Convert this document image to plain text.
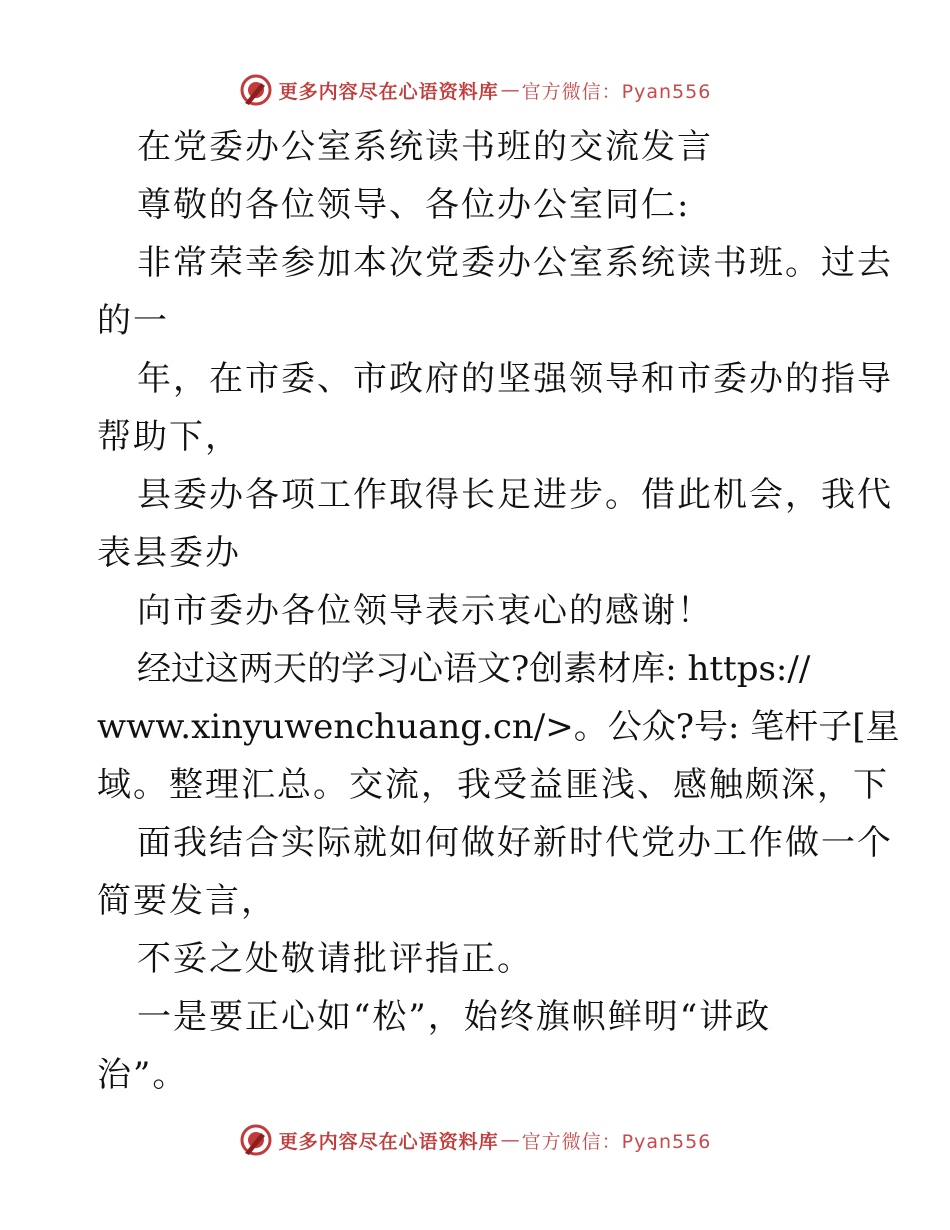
更多内容尽在心语资料库 — 官方微信：Pyan556
在党委办公室系统读书班的交流发言
尊敬的各位领导、各位办公室同仁:
非常荣幸参加本次党委办公室系统读书班。过去
的一
年，在市委、市政府的坚强领导和市委办的指导
帮助下，
县委办各项工作取得长足进步。借此机会，我代
表县委办
向市委办各位领导表示衷心的感谢！
经过这两天的学习心语文?创素材库: https://
www.xinyuwenchuang.cn/>。公众?号: 笔杆子[星
域。整理汇总。交流，我受益匪浅、感触颇深，下
面我结合实际就如何做好新时代党办工作做一个
简要发言，
不妥之处敬请批评指正。
一是要正心如“松”，始终旗帜鲜明“讲政
治”。
更多内容尽在心语资料库 — 官方微信：Pyan556
